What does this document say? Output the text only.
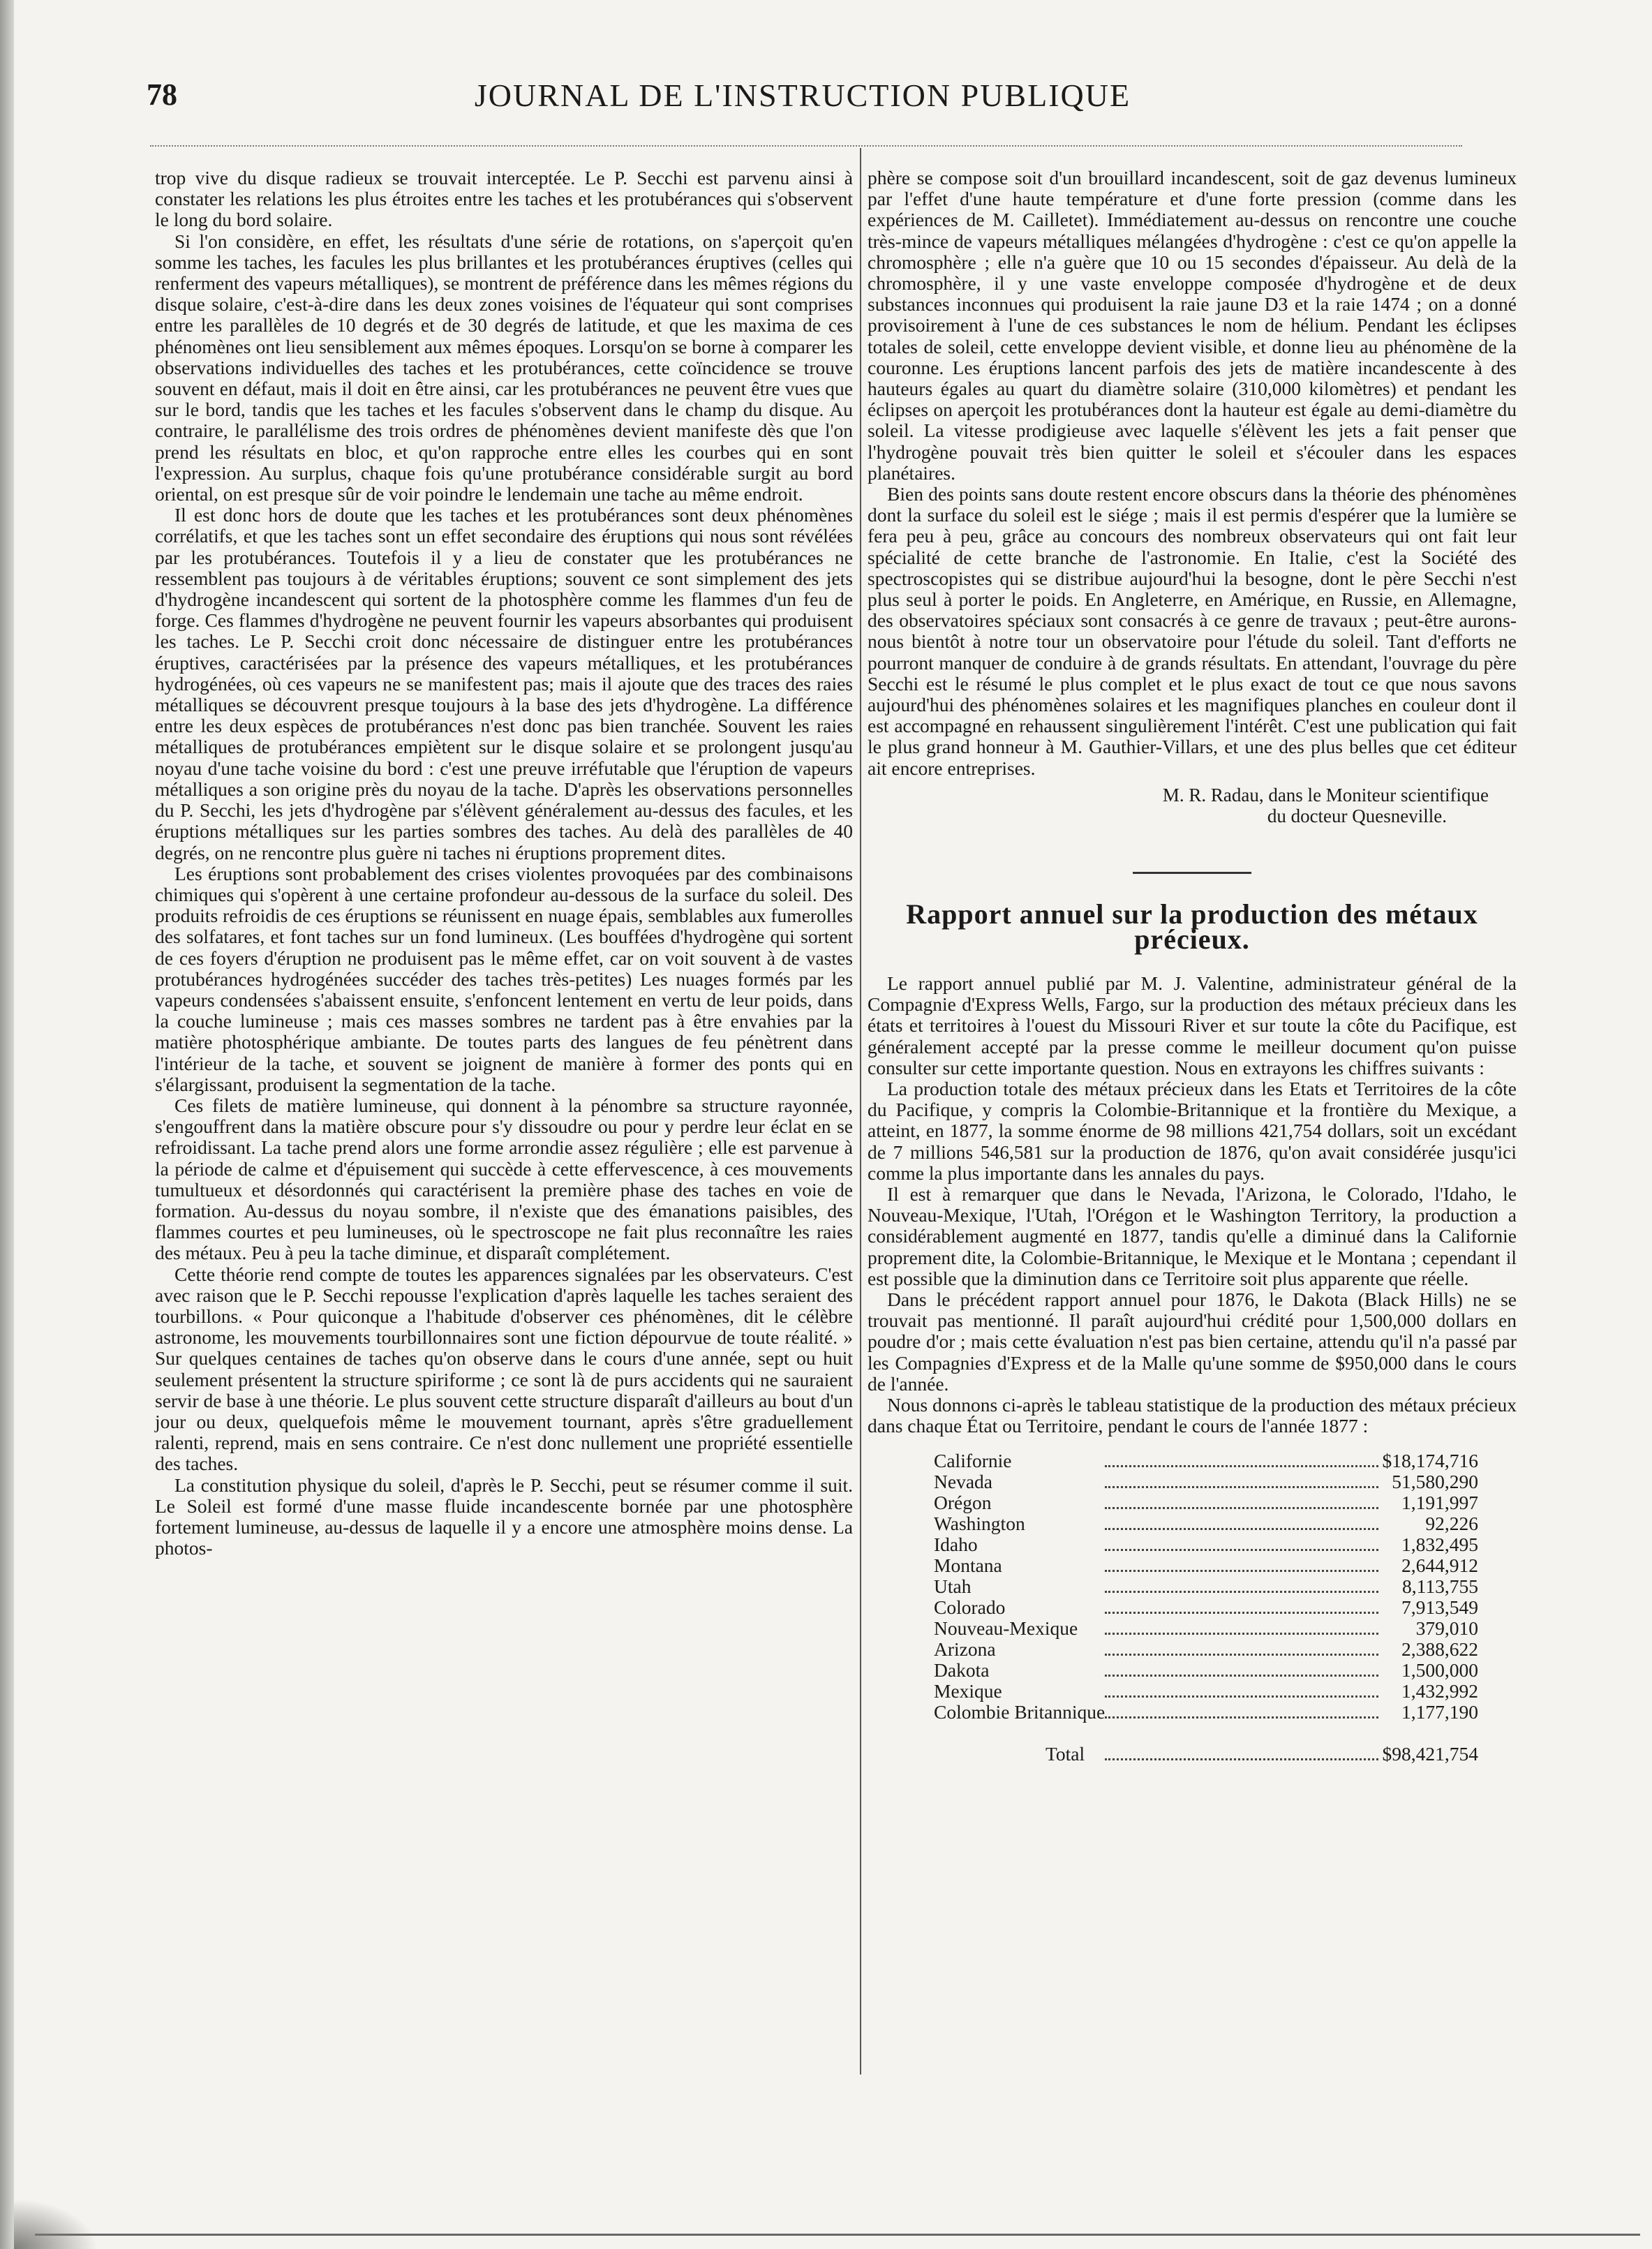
78	JOURNAL DE L'INSTRUCTION PUBLIQUE

trop vive du disque radieux se trouvait interceptée. Le P. Secchi est parvenu ainsi à constater les relations les plus étroites entre les taches et les protubérances qui s'observent le long du bord solaire.

Si l'on considère, en effet, les résultats d'une série de rotations, on s'aperçoit qu'en somme les taches, les facules les plus brillantes et les protubérances éruptives (celles qui renferment des vapeurs métalliques), se montrent de préférence dans les mêmes régions du disque solaire, c'est-à-dire dans les deux zones voisines de l'équateur qui sont comprises entre les parallèles de 10 degrés et de 30 degrés de latitude, et que les maxima de ces phénomènes ont lieu sensiblement aux mêmes époques. Lorsqu'on se borne à comparer les observations individuelles des taches et les protubérances, cette coïncidence se trouve souvent en défaut, mais il doit en être ainsi, car les protubérances ne peuvent être vues que sur le bord, tandis que les taches et les facules s'observent dans le champ du disque. Au contraire, le parallélisme des trois ordres de phénomènes devient manifeste dès que l'on prend les résultats en bloc, et qu'on rapproche entre elles les courbes qui en sont l'expression. Au surplus, chaque fois qu'une protubérance considérable surgit au bord oriental, on est presque sûr de voir poindre le lendemain une tache au même endroit.

Il est donc hors de doute que les taches et les protubérances sont deux phénomènes corrélatifs, et que les taches sont un effet secondaire des éruptions qui nous sont révélées par les protubérances. Toutefois il y a lieu de constater que les protubérances ne ressemblent pas toujours à de véritables éruptions; souvent ce sont simplement des jets d'hydrogène incandescent qui sortent de la photosphère comme les flammes d'un feu de forge. Ces flammes d'hydrogène ne peuvent fournir les vapeurs absorbantes qui produisent les taches. Le P. Secchi croit donc nécessaire de distinguer entre les protubérances éruptives, caractérisées par la présence des vapeurs métalliques, et les protubérances hydrogénées, où ces vapeurs ne se manifestent pas; mais il ajoute que des traces des raies métalliques se découvrent presque toujours à la base des jets d'hydrogène. La différence entre les deux espèces de protubérances n'est donc pas bien tranchée. Souvent les raies métalliques de protubérances empiètent sur le disque solaire et se prolongent jusqu'au noyau d'une tache voisine du bord : c'est une preuve irréfutable que l'éruption de vapeurs métalliques a son origine près du noyau de la tache. D'après les observations personnelles du P. Secchi, les jets d'hydrogène par s'élèvent généralement au-dessus des facules, et les éruptions métalliques sur les parties sombres des taches. Au delà des parallèles de 40 degrés, on ne rencontre plus guère ni taches ni éruptions proprement dites.

Les éruptions sont probablement des crises violentes provoquées par des combinaisons chimiques qui s'opèrent à une certaine profondeur au-dessous de la surface du soleil. Des produits refroidis de ces éruptions se réunissent en nuage épais, semblables aux fumerolles des solfatares, et font taches sur un fond lumineux. (Les bouffées d'hydrogène qui sortent de ces foyers d'éruption ne produisent pas le même effet, car on voit souvent à de vastes protubérances hydrogénées succéder des taches très-petites) Les nuages formés par les vapeurs condensées s'abaissent ensuite, s'enfoncent lentement en vertu de leur poids, dans la couche lumineuse ; mais ces masses sombres ne tardent pas à être envahies par la matière photosphérique ambiante. De toutes parts des langues de feu pénètrent dans l'intérieur de la tache, et souvent se joignent de manière à former des ponts qui en s'élargissant, produisent la segmentation de la tache.

Ces filets de matière lumineuse, qui donnent à la pénombre sa structure rayonnée, s'engouffrent dans la matière obscure pour s'y dissoudre ou pour y perdre leur éclat en se refroidissant. La tache prend alors une forme arrondie assez régulière ; elle est parvenue à la période de calme et d'épuisement qui succède à cette effervescence, à ces mouvements tumultueux et désordonnés qui caractérisent la première phase des taches en voie de formation. Au-dessus du noyau sombre, il n'existe que des émanations paisibles, des flammes courtes et peu lumineuses, où le spectroscope ne fait plus reconnaître les raies des métaux. Peu à peu la tache diminue, et disparaît complétement.

Cette théorie rend compte de toutes les apparences signalées par les observateurs. C'est avec raison que le P. Secchi repousse l'explication d'après laquelle les taches seraient des tourbillons. « Pour quiconque a l'habitude d'observer ces phénomènes, dit le célèbre astronome, les mouvements tourbillonnaires sont une fiction dépourvue de toute réalité. » Sur quelques centaines de taches qu'on observe dans le cours d'une année, sept ou huit seulement présentent la structure spiriforme ; ce sont là de purs accidents qui ne sauraient servir de base à une théorie. Le plus souvent cette structure disparaît d'ailleurs au bout d'un jour ou deux, quelquefois même le mouvement tournant, après s'être graduellement ralenti, reprend, mais en sens contraire. Ce n'est donc nullement une propriété essentielle des taches.

La constitution physique du soleil, d'après le P. Secchi, peut se résumer comme il suit. Le Soleil est formé d'une masse fluide incandescente bornée par une photosphère fortement lumineuse, au-dessus de laquelle il y a encore une atmosphère moins dense. La photos-

phère se compose soit d'un brouillard incandescent, soit de gaz devenus lumineux par l'effet d'une haute température et d'une forte pression (comme dans les expériences de M. Cailletet). Immédiatement au-dessus on rencontre une couche très-mince de vapeurs métalliques mélangées d'hydrogène : c'est ce qu'on appelle la chromosphère ; elle n'a guère que 10 ou 15 secondes d'épaisseur. Au delà de la chromosphère, il y une vaste enveloppe composée d'hydrogène et de deux substances inconnues qui produisent la raie jaune D3 et la raie 1474 ; on a donné provisoirement à l'une de ces substances le nom de hélium. Pendant les éclipses totales de soleil, cette enveloppe devient visible, et donne lieu au phénomène de la couronne. Les éruptions lancent parfois des jets de matière incandescente à des hauteurs égales au quart du diamètre solaire (310,000 kilomètres) et pendant les éclipses on aperçoit les protubérances dont la hauteur est égale au demi-diamètre du soleil. La vitesse prodigieuse avec laquelle s'élèvent les jets a fait penser que l'hydrogène pouvait très bien quitter le soleil et s'écouler dans les espaces planétaires.

Bien des points sans doute restent encore obscurs dans la théorie des phénomènes dont la surface du soleil est le siége ; mais il est permis d'espérer que la lumière se fera peu à peu, grâce au concours des nombreux observateurs qui ont fait leur spécialité de cette branche de l'astronomie. En Italie, c'est la Société des spectroscopistes qui se distribue aujourd'hui la besogne, dont le père Secchi n'est plus seul à porter le poids. En Angleterre, en Amérique, en Russie, en Allemagne, des observatoires spéciaux sont consacrés à ce genre de travaux ; peut-être aurons-nous bientôt à notre tour un observatoire pour l'étude du soleil. Tant d'efforts ne pourront manquer de conduire à de grands résultats. En attendant, l'ouvrage du père Secchi est le résumé le plus complet et le plus exact de tout ce que nous savons aujourd'hui des phénomènes solaires et les magnifiques planches en couleur dont il est accompagné en rehaussent singulièrement l'intérêt. C'est une publication qui fait le plus grand honneur à M. Gauthier-Villars, et une des plus belles que cet éditeur ait encore entreprises.

M. R. Radau, dans le Moniteur scientifique

du docteur Quesneville.
Rapport annuel sur la production des métaux précieux.

Le rapport annuel publié par M. J. Valentine, administrateur général de la Compagnie d'Express Wells, Fargo, sur la production des métaux précieux dans les états et territoires à l'ouest du Missouri River et sur toute la côte du Pacifique, est généralement accepté par la presse comme le meilleur document qu'on puisse consulter sur cette importante question. Nous en extrayons les chiffres suivants :

La production totale des métaux précieux dans les Etats et Territoires de la côte du Pacifique, y compris la Colombie-Britannique et la frontière du Mexique, a atteint, en 1877, la somme énorme de 98 millions 421,754 dollars, soit un excédant de 7 millions 546,581 sur la production de 1876, qu'on avait considérée jusqu'ici comme la plus importante dans les annales du pays.

Il est à remarquer que dans le Nevada, l'Arizona, le Colorado, l'Idaho, le Nouveau-Mexique, l'Utah, l'Orégon et le Washington Territory, la production a considérablement augmenté en 1877, tandis qu'elle a diminué dans la Californie proprement dite, la Colombie-Britannique, le Mexique et le Montana ; cependant il est possible que la diminution dans ce Territoire soit plus apparente que réelle.

Dans le précédent rapport annuel pour 1876, le Dakota (Black Hills) ne se trouvait pas mentionné. Il paraît aujourd'hui crédité pour 1,500,000 dollars en poudre d'or ; mais cette évaluation n'est pas bien certaine, attendu qu'il n'a passé par les Compagnies d'Express et de la Malle qu'une somme de $950,000 dans le cours de l'année.

Nous donnons ci-après le tableau statistique de la production des métaux précieux dans chaque État ou Territoire, pendant le cours de l'année 1877 :

Californie		$18,174,716
Nevada		51,580,290
Orégon		1,191,997
Washington		92,226
Idaho		1,832,495
Montana		2,644,912
Utah		8,113,755
Colorado		7,913,549
Nouveau-Mexique		379,010
Arizona		2,388,622
Dakota		1,500,000
Mexique		1,432,992
Colombie Britannique		1,177,190
Total		$98,421,754
